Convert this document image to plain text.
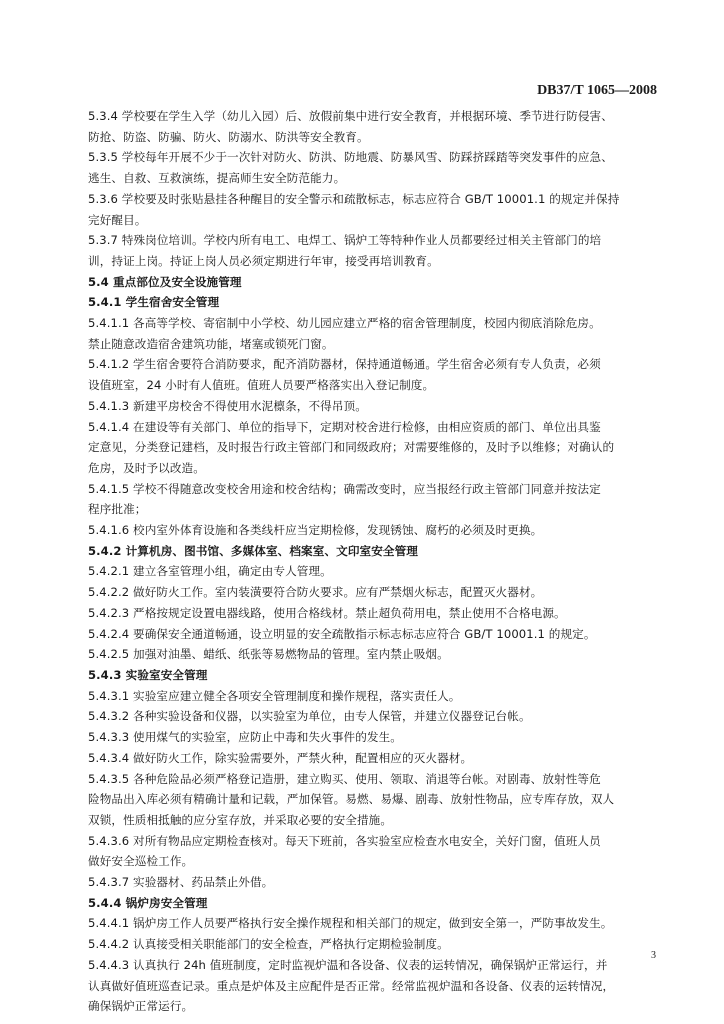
DB37/T 1065—2008

5.3.4 学校要在学生入学（幼儿入园）后、放假前集中进行安全教育，并根据环境、季节进行防侵害、

防抢、防盗、防骗、防火、防溺水、防洪等安全教育。

5.3.5 学校每年开展不少于一次针对防火、防洪、防地震、防暴风雪、防踩挤踩踏等突发事件的应急、

逃生、自救、互救演练，提高师生安全防范能力。

5.3.6 学校要及时张贴悬挂各种醒目的安全警示和疏散标志，标志应符合 GB/T 10001.1 的规定并保持

完好醒目。

5.3.7 特殊岗位培训。学校内所有电工、电焊工、锅炉工等特种作业人员都要经过相关主管部门的培

训，持证上岗。持证上岗人员必须定期进行年审，接受再培训教育。

5.4 重点部位及安全设施管理

5.4.1 学生宿舍安全管理

5.4.1.1 各高等学校、寄宿制中小学校、幼儿园应建立严格的宿舍管理制度，校园内彻底消除危房。

禁止随意改造宿舍建筑功能，堵塞或锁死门窗。

5.4.1.2 学生宿舍要符合消防要求，配齐消防器材，保持通道畅通。学生宿舍必须有专人负责，必须

设值班室，24 小时有人值班。值班人员要严格落实出入登记制度。

5.4.1.3 新建平房校舍不得使用水泥檩条，不得吊顶。

5.4.1.4 在建设等有关部门、单位的指导下，定期对校舍进行检修，由相应资质的部门、单位出具鉴

定意见，分类登记建档，及时报告行政主管部门和同级政府；对需要维修的，及时予以维修；对确认的

危房，及时予以改造。

5.4.1.5 学校不得随意改变校舍用途和校舍结构；确需改变时，应当报经行政主管部门同意并按法定

程序批准；

5.4.1.6 校内室外体育设施和各类线杆应当定期检修，发现锈蚀、腐朽的必须及时更换。

5.4.2 计算机房、图书馆、多媒体室、档案室、文印室安全管理

5.4.2.1 建立各室管理小组，确定由专人管理。

5.4.2.2 做好防火工作。室内装潢要符合防火要求。应有严禁烟火标志，配置灭火器材。

5.4.2.3 严格按规定设置电器线路，使用合格线材。禁止超负荷用电，禁止使用不合格电源。

5.4.2.4 要确保安全通道畅通，设立明显的安全疏散指示标志标志应符合 GB/T 10001.1 的规定。

5.4.2.5 加强对油墨、蜡纸、纸张等易燃物品的管理。室内禁止吸烟。

5.4.3 实验室安全管理

5.4.3.1 实验室应建立健全各项安全管理制度和操作规程，落实责任人。

5.4.3.2 各种实验设备和仪器，以实验室为单位，由专人保管，并建立仪器登记台帐。

5.4.3.3 使用煤气的实验室，应防止中毒和失火事件的发生。

5.4.3.4 做好防火工作，除实验需要外，严禁火种，配置相应的灭火器材。

5.4.3.5 各种危险品必须严格登记造册，建立购买、使用、领取、消退等台帐。对剧毒、放射性等危

险物品出入库必须有精确计量和记载，严加保管。易燃、易爆、剧毒、放射性物品，应专库存放，双人

双锁，性质相抵触的应分室存放，并采取必要的安全措施。

5.4.3.6 对所有物品应定期检查核对。每天下班前，各实验室应检查水电安全，关好门窗，值班人员

做好安全巡检工作。

5.4.3.7 实验器材、药品禁止外借。

5.4.4 锅炉房安全管理

5.4.4.1 锅炉房工作人员要严格执行安全操作规程和相关部门的规定，做到安全第一，严防事故发生。

5.4.4.2 认真接受相关职能部门的安全检查，严格执行定期检验制度。

5.4.4.3 认真执行 24h 值班制度，定时监视炉温和各设备、仪表的运转情况，确保锅炉正常运行，并

认真做好值班巡查记录。重点是炉体及主应配件是否正常。经常监视炉温和各设备、仪表的运转情况，

确保锅炉正常运行。

3
